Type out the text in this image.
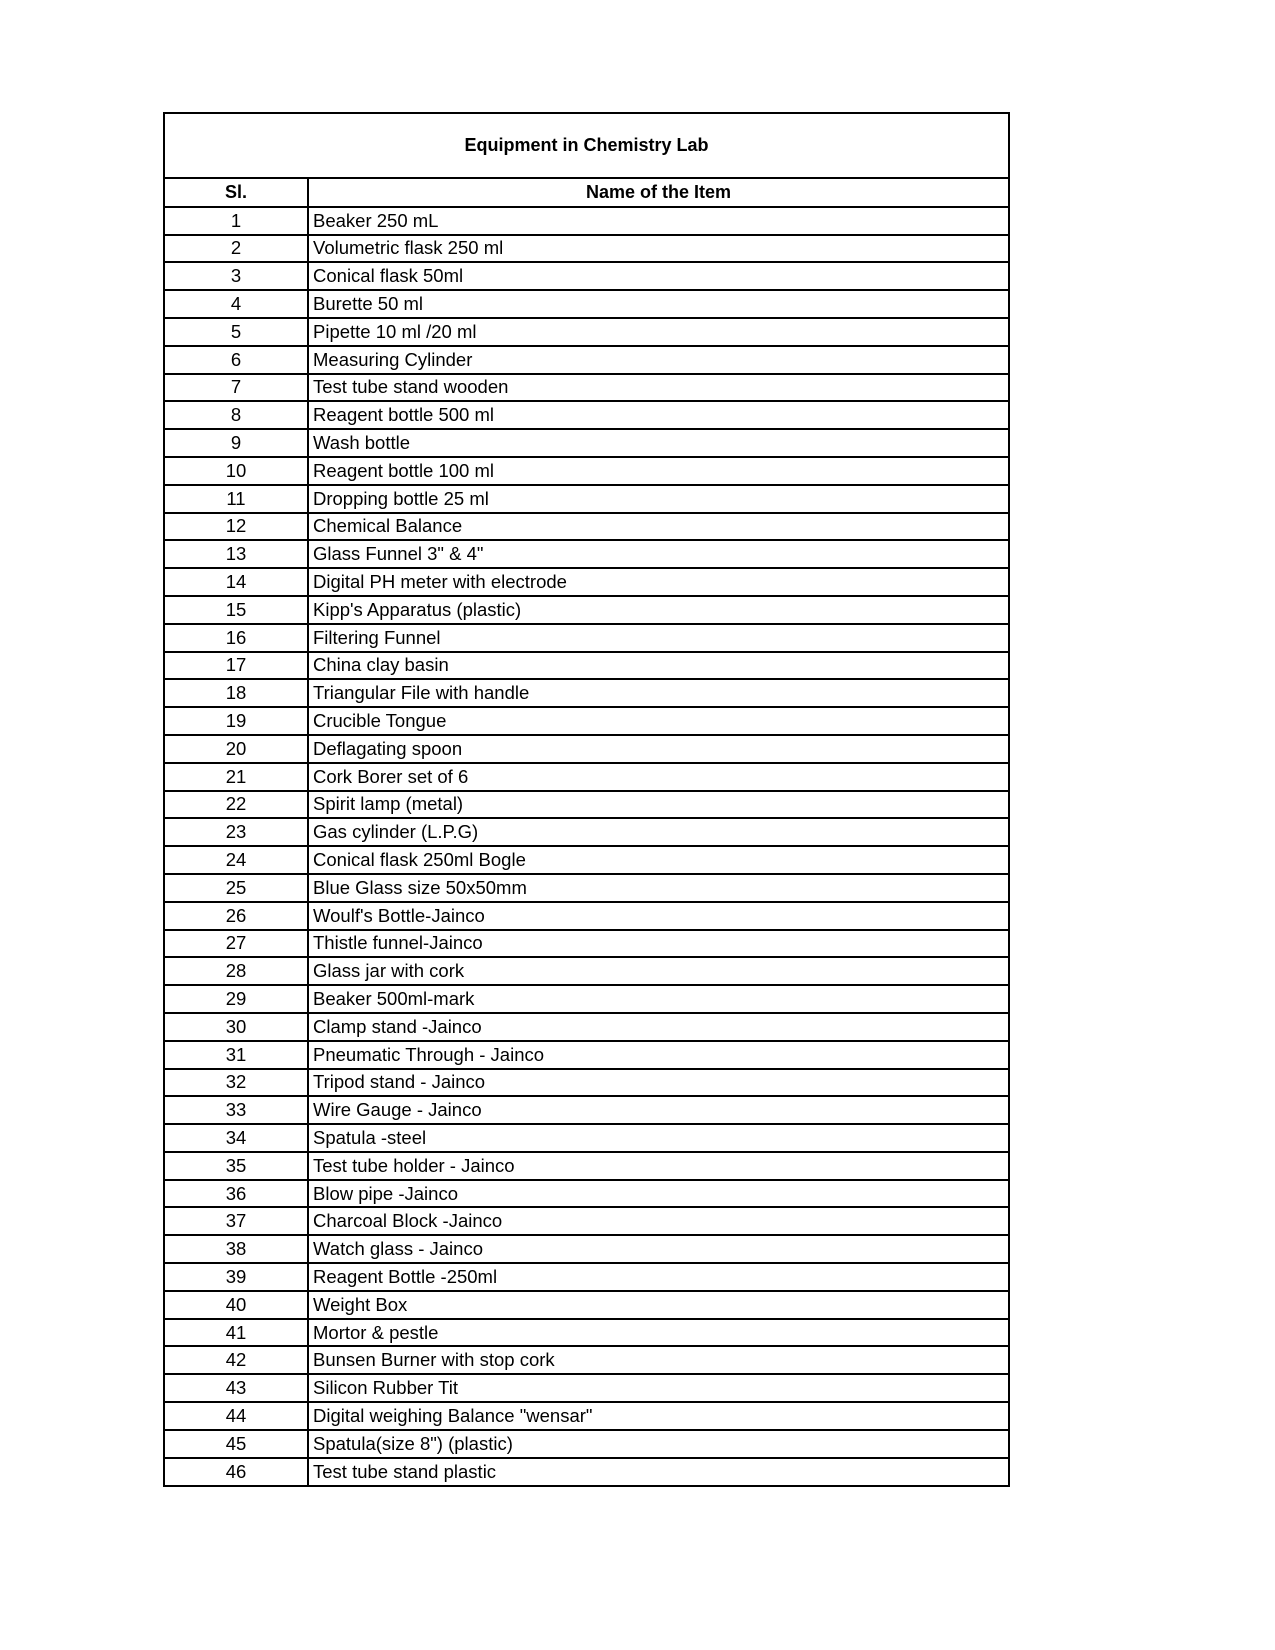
Equipment in Chemistry Lab
Sl.	Name of the Item
1	Beaker 250 mL
2	Volumetric flask 250 ml
3	Conical flask 50ml
4	Burette 50 ml
5	Pipette 10 ml /20 ml
6	Measuring Cylinder
7	Test tube stand wooden
8	Reagent bottle 500 ml
9	Wash bottle
10	Reagent bottle 100 ml
11	Dropping bottle 25 ml
12	Chemical Balance
13	Glass Funnel 3" & 4"
14	Digital PH meter with electrode
15	Kipp's Apparatus (plastic)
16	Filtering Funnel
17	China clay basin
18	Triangular File with handle
19	Crucible Tongue
20	Deflagating spoon
21	Cork Borer set of 6
22	Spirit lamp (metal)
23	Gas cylinder (L.P.G)
24	Conical flask 250ml Bogle
25	Blue Glass size 50x50mm
26	Woulf's Bottle-Jainco
27	Thistle funnel-Jainco
28	Glass jar with cork
29	Beaker 500ml-mark
30	Clamp stand -Jainco
31	Pneumatic Through - Jainco
32	Tripod stand - Jainco
33	Wire Gauge - Jainco
34	Spatula -steel
35	Test tube holder - Jainco
36	Blow pipe -Jainco
37	Charcoal Block -Jainco
38	Watch glass - Jainco
39	Reagent Bottle -250ml
40	Weight Box
41	Mortor & pestle
42	Bunsen Burner with stop cork
43	Silicon Rubber Tit
44	Digital weighing Balance "wensar"
45	Spatula(size 8") (plastic)
46	Test tube stand plastic
